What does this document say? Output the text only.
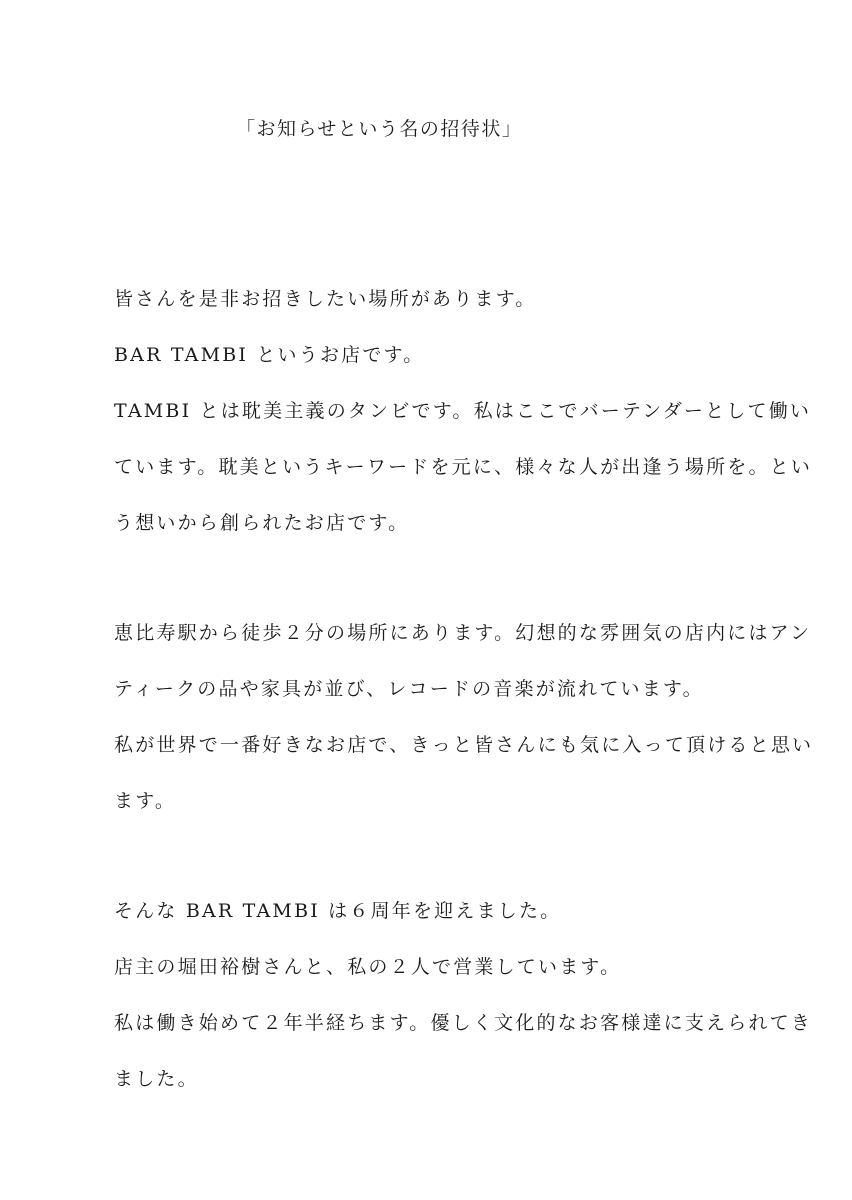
「お知らせという名の招待状」
皆さんを是非お招きしたい場所があります。
BAR TAMBI というお店です。
TAMBI とは耽美主義のタンビです。私はここでバーテンダーとして働い
ています。耽美というキーワードを元に、様々な人が出逢う場所を。とい
う想いから創られたお店です。
恵比寿駅から徒歩２分の場所にあります。幻想的な雰囲気の店内にはアン
ティークの品や家具が並び、レコードの音楽が流れています。
私が世界で一番好きなお店で、きっと皆さんにも気に入って頂けると思い
ます。
そんな BAR TAMBI は６周年を迎えました。
店主の堀田裕樹さんと、私の２人で営業しています。
私は働き始めて２年半経ちます。優しく文化的なお客様達に支えられてき
ました。
